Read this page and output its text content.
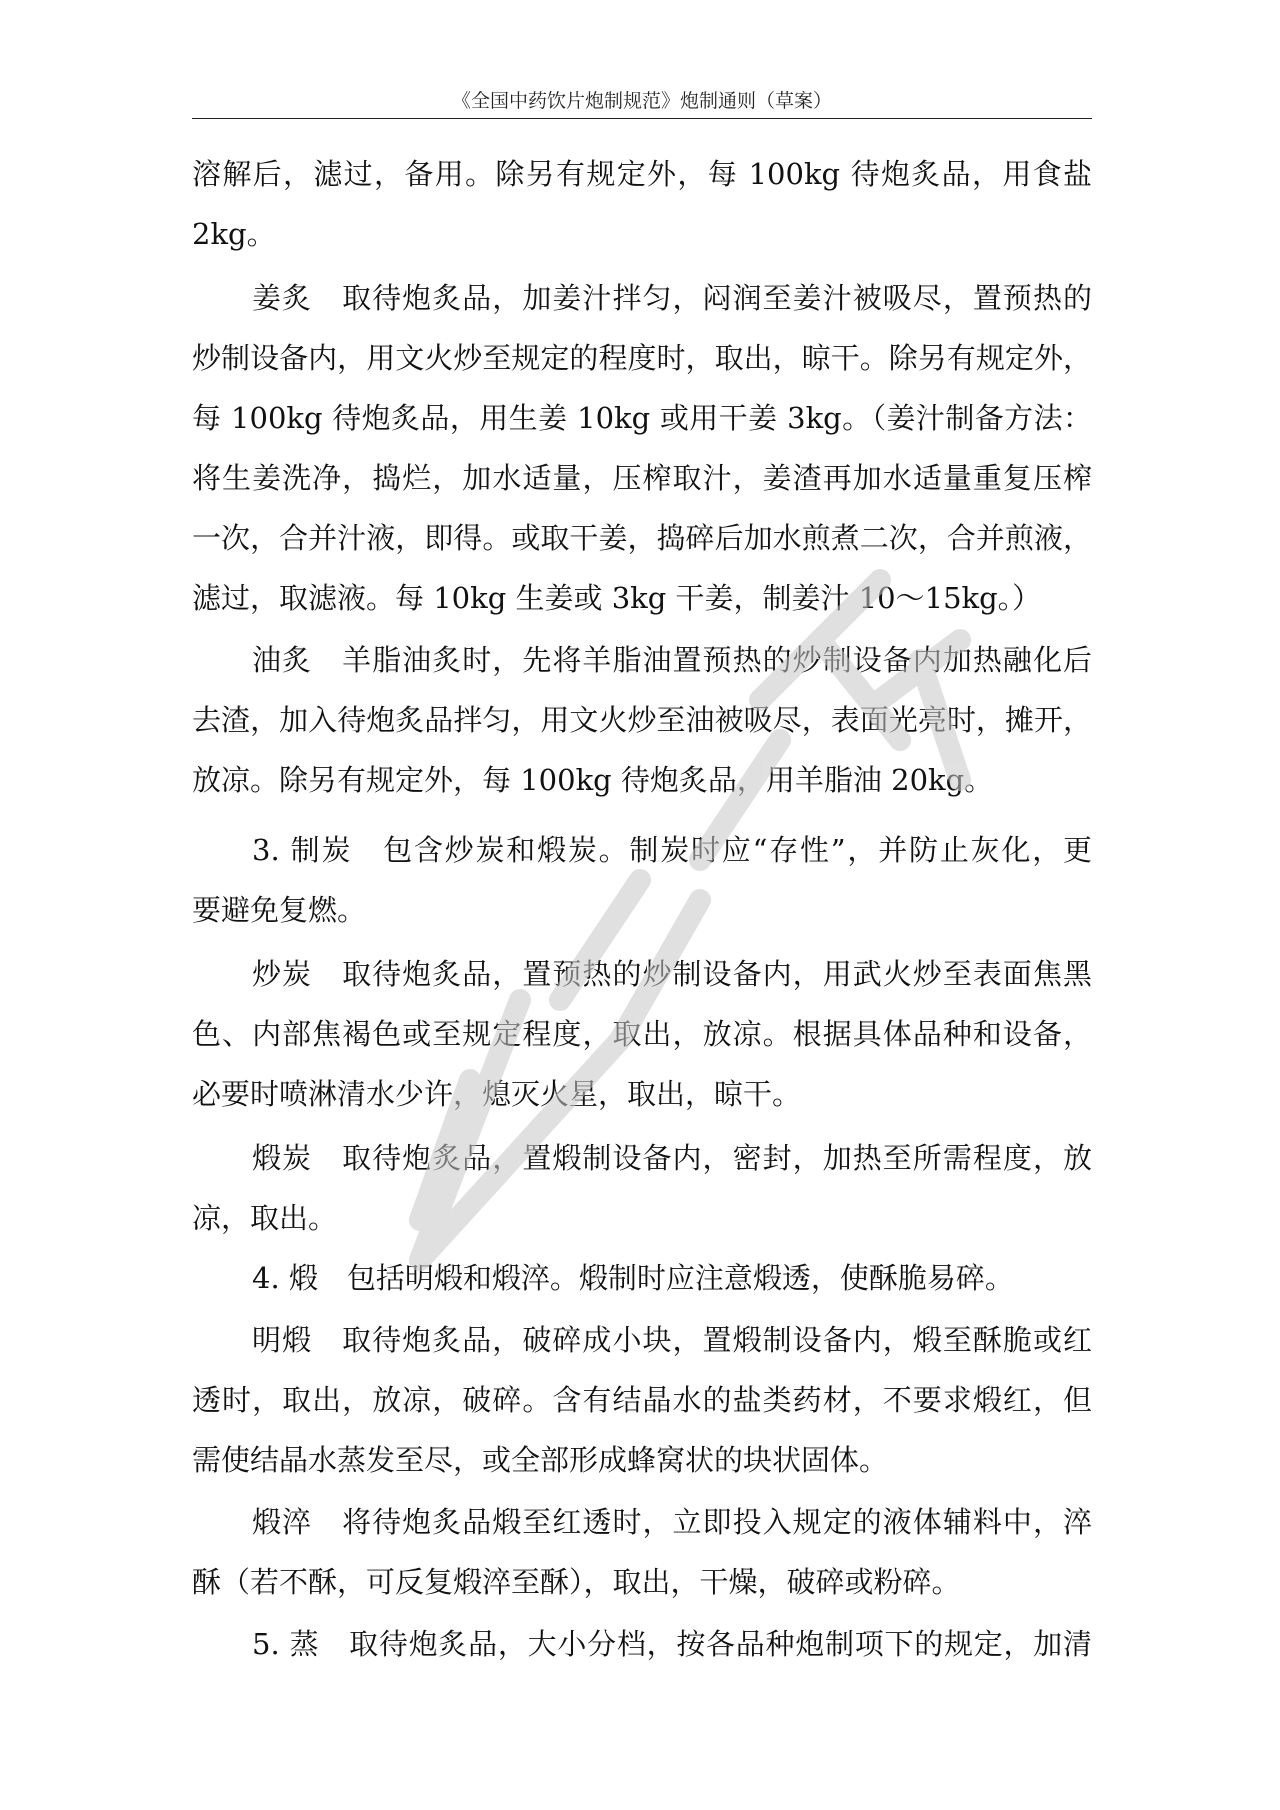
《全国中药饮片炮制规范》炮制通则（草案）
溶解后，滤过，备用。除另有规定外，每 100kg 待炮炙品，用食盐
2kg。
姜炙　取待炮炙品，加姜汁拌匀，闷润至姜汁被吸尽，置预热的
炒制设备内，用文火炒至规定的程度时，取出，晾干。除另有规定外，
每 100kg 待炮炙品，用生姜 10kg 或用干姜 3kg。（姜汁制备方法：
将生姜洗净，捣烂，加水适量，压榨取汁，姜渣再加水适量重复压榨
一次，合并汁液，即得。或取干姜，捣碎后加水煎煮二次，合并煎液，
滤过，取滤液。每 10kg 生姜或 3kg 干姜，制姜汁 10～15kg。）
油炙　羊脂油炙时，先将羊脂油置预热的炒制设备内加热融化后
去渣，加入待炮炙品拌匀，用文火炒至油被吸尽，表面光亮时，摊开，
放凉。除另有规定外，每 100kg 待炮炙品，用羊脂油 20kg。
3. 制炭　包含炒炭和煅炭。制炭时应“存性”，并防止灰化，更
要避免复燃。
炒炭　取待炮炙品，置预热的炒制设备内，用武火炒至表面焦黑
色、内部焦褐色或至规定程度，取出，放凉。根据具体品种和设备，
必要时喷淋清水少许，熄灭火星，取出，晾干。
煅炭　取待炮炙品，置煅制设备内，密封，加热至所需程度，放
凉，取出。
4. 煅　包括明煅和煅淬。煅制时应注意煅透，使酥脆易碎。
明煅　取待炮炙品，破碎成小块，置煅制设备内，煅至酥脆或红
透时，取出，放凉，破碎。含有结晶水的盐类药材，不要求煅红，但
需使结晶水蒸发至尽，或全部形成蜂窝状的块状固体。
煅淬　将待炮炙品煅至红透时，立即投入规定的液体辅料中，淬
酥（若不酥，可反复煅淬至酥），取出，干燥，破碎或粉碎。
5. 蒸　取待炮炙品，大小分档，按各品种炮制项下的规定，加清
